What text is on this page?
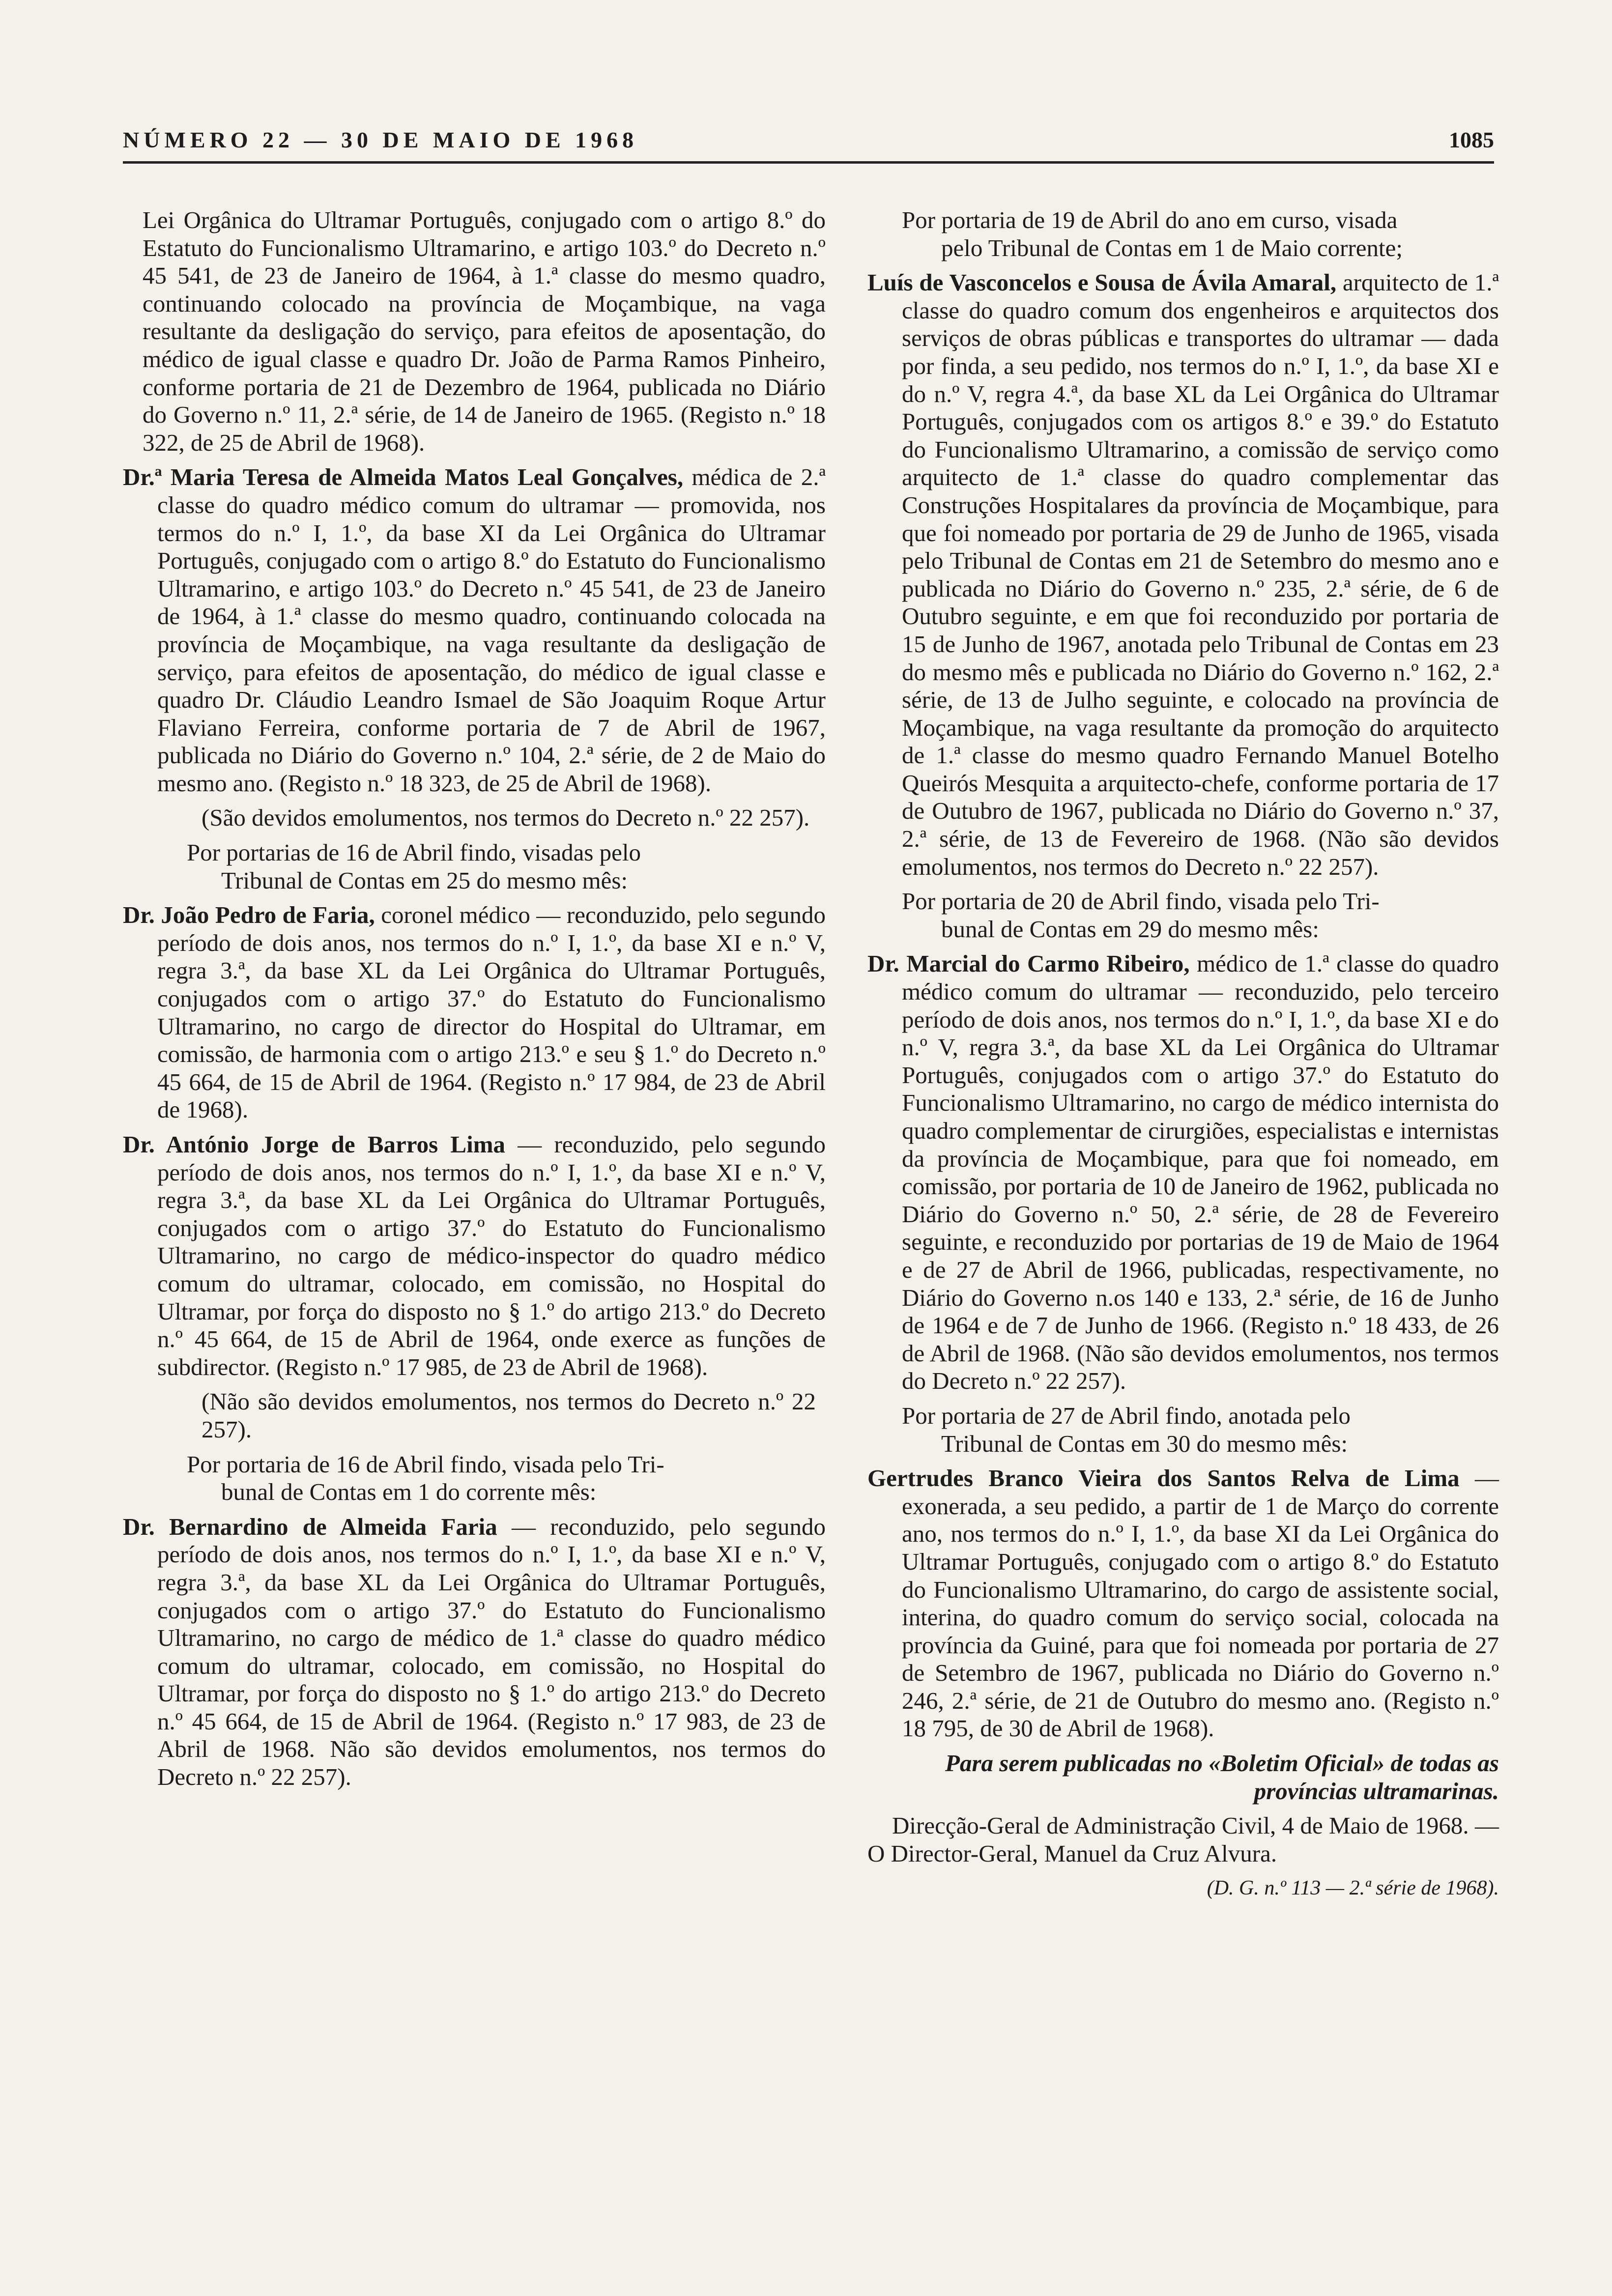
NÚMERO 22 — 30 DE MAIO DE 1968	1085

Lei Orgânica do Ultramar Português, conjugado com o artigo 8.º do Estatuto do Funcionalismo Ultramarino, e artigo 103.º do Decreto n.º 45 541, de 23 de Janeiro de 1964, à 1.ª classe do mesmo quadro, continuando colocado na província de Moçambique, na vaga resultante da desligação do serviço, para efeitos de aposentação, do médico de igual classe e quadro Dr. João de Parma Ramos Pinheiro, conforme portaria de 21 de Dezembro de 1964, publicada no Diário do Governo n.º 11, 2.ª série, de 14 de Janeiro de 1965. (Registo n.º 18 322, de 25 de Abril de 1968).

Dr.ª Maria Teresa de Almeida Matos Leal Gonçalves, médica de 2.ª classe do quadro médico comum do ultramar — promovida, nos termos do n.º I, 1.º, da base XI da Lei Orgânica do Ultramar Português, conjugado com o artigo 8.º do Estatuto do Funcionalismo Ultramarino, e artigo 103.º do Decreto n.º 45 541, de 23 de Janeiro de 1964, à 1.ª classe do mesmo quadro, continuando colocada na província de Moçambique, na vaga resultante da desligação de serviço, para efeitos de aposentação, do médico de igual classe e quadro Dr. Cláudio Leandro Ismael de São Joaquim Roque Artur Flaviano Ferreira, conforme portaria de 7 de Abril de 1967, publicada no Diário do Governo n.º 104, 2.ª série, de 2 de Maio do mesmo ano. (Registo n.º 18 323, de 25 de Abril de 1968).

(São devidos emolumentos, nos termos do Decreto n.º 22 257).

Por portarias de 16 de Abril findo, visadas pelo
Tribunal de Contas em 25 do mesmo mês:

Dr. João Pedro de Faria, coronel médico — reconduzido, pelo segundo período de dois anos, nos termos do n.º I, 1.º, da base XI e n.º V, regra 3.ª, da base XL da Lei Orgânica do Ultramar Português, conjugados com o artigo 37.º do Estatuto do Funcionalismo Ultramarino, no cargo de director do Hospital do Ultramar, em comissão, de harmonia com o artigo 213.º e seu § 1.º do Decreto n.º 45 664, de 15 de Abril de 1964. (Registo n.º 17 984, de 23 de Abril de 1968).

Dr. António Jorge de Barros Lima — reconduzido, pelo segundo período de dois anos, nos termos do n.º I, 1.º, da base XI e n.º V, regra 3.ª, da base XL da Lei Orgânica do Ultramar Português, conjugados com o artigo 37.º do Estatuto do Funcionalismo Ultramarino, no cargo de médico-inspector do quadro médico comum do ultramar, colocado, em comissão, no Hospital do Ultramar, por força do disposto no § 1.º do artigo 213.º do Decreto n.º 45 664, de 15 de Abril de 1964, onde exerce as funções de subdirector. (Registo n.º 17 985, de 23 de Abril de 1968).

(Não são devidos emolumentos, nos termos do Decreto n.º 22 257).

Por portaria de 16 de Abril findo, visada pelo Tri-
bunal de Contas em 1 do corrente mês:

Dr. Bernardino de Almeida Faria — reconduzido, pelo segundo período de dois anos, nos termos do n.º I, 1.º, da base XI e n.º V, regra 3.ª, da base XL da Lei Orgânica do Ultramar Português, conjugados com o artigo 37.º do Estatuto do Funcionalismo Ultramarino, no cargo de médico de 1.ª classe do quadro médico comum do ultramar, colocado, em comissão, no Hospital do Ultramar, por força do disposto no § 1.º do artigo 213.º do Decreto n.º 45 664, de 15 de Abril de 1964. (Registo n.º 17 983, de 23 de Abril de 1968. Não são devidos emolumentos, nos termos do Decreto n.º 22 257).

Por portaria de 19 de Abril do ano em curso, visada
pelo Tribunal de Contas em 1 de Maio corrente;

Luís de Vasconcelos e Sousa de Ávila Amaral, arquitecto de 1.ª classe do quadro comum dos engenheiros e arquitectos dos serviços de obras públicas e transportes do ultramar — dada por finda, a seu pedido, nos termos do n.º I, 1.º, da base XI e do n.º V, regra 4.ª, da base XL da Lei Orgânica do Ultramar Português, conjugados com os artigos 8.º e 39.º do Estatuto do Funcionalismo Ultramarino, a comissão de serviço como arquitecto de 1.ª classe do quadro complementar das Construções Hospitalares da província de Moçambique, para que foi nomeado por portaria de 29 de Junho de 1965, visada pelo Tribunal de Contas em 21 de Setembro do mesmo ano e publicada no Diário do Governo n.º 235, 2.ª série, de 6 de Outubro seguinte, e em que foi reconduzido por portaria de 15 de Junho de 1967, anotada pelo Tribunal de Contas em 23 do mesmo mês e publicada no Diário do Governo n.º 162, 2.ª série, de 13 de Julho seguinte, e colocado na província de Moçambique, na vaga resultante da promoção do arquitecto de 1.ª classe do mesmo quadro Fernando Manuel Botelho Queirós Mesquita a arquitecto-chefe, conforme portaria de 17 de Outubro de 1967, publicada no Diário do Governo n.º 37, 2.ª série, de 13 de Fevereiro de 1968. (Não são devidos emolumentos, nos termos do Decreto n.º 22 257).

Por portaria de 20 de Abril findo, visada pelo Tri-
bunal de Contas em 29 do mesmo mês:

Dr. Marcial do Carmo Ribeiro, médico de 1.ª classe do quadro médico comum do ultramar — reconduzido, pelo terceiro período de dois anos, nos termos do n.º I, 1.º, da base XI e do n.º V, regra 3.ª, da base XL da Lei Orgânica do Ultramar Português, conjugados com o artigo 37.º do Estatuto do Funcionalismo Ultramarino, no cargo de médico internista do quadro complementar de cirurgiões, especialistas e internistas da província de Moçambique, para que foi nomeado, em comissão, por portaria de 10 de Janeiro de 1962, publicada no Diário do Governo n.º 50, 2.ª série, de 28 de Fevereiro seguinte, e reconduzido por portarias de 19 de Maio de 1964 e de 27 de Abril de 1966, publicadas, respectivamente, no Diário do Governo n.os 140 e 133, 2.ª série, de 16 de Junho de 1964 e de 7 de Junho de 1966. (Registo n.º 18 433, de 26 de Abril de 1968. (Não são devidos emolumentos, nos termos do Decreto n.º 22 257).

Por portaria de 27 de Abril findo, anotada pelo
Tribunal de Contas em 30 do mesmo mês:

Gertrudes Branco Vieira dos Santos Relva de Lima — exonerada, a seu pedido, a partir de 1 de Março do corrente ano, nos termos do n.º I, 1.º, da base XI da Lei Orgânica do Ultramar Português, conjugado com o artigo 8.º do Estatuto do Funcionalismo Ultramarino, do cargo de assistente social, interina, do quadro comum do serviço social, colocada na província da Guiné, para que foi nomeada por portaria de 27 de Setembro de 1967, publicada no Diário do Governo n.º 246, 2.ª série, de 21 de Outubro do mesmo ano. (Registo n.º 18 795, de 30 de Abril de 1968).

Para serem publicadas no «Boletim Oficial» de todas as províncias ultramarinas.

Direcção-Geral de Administração Civil, 4 de Maio de 1968. — O Director-Geral, Manuel da Cruz Alvura.

(D. G. n.º 113 — 2.ª série de 1968).
